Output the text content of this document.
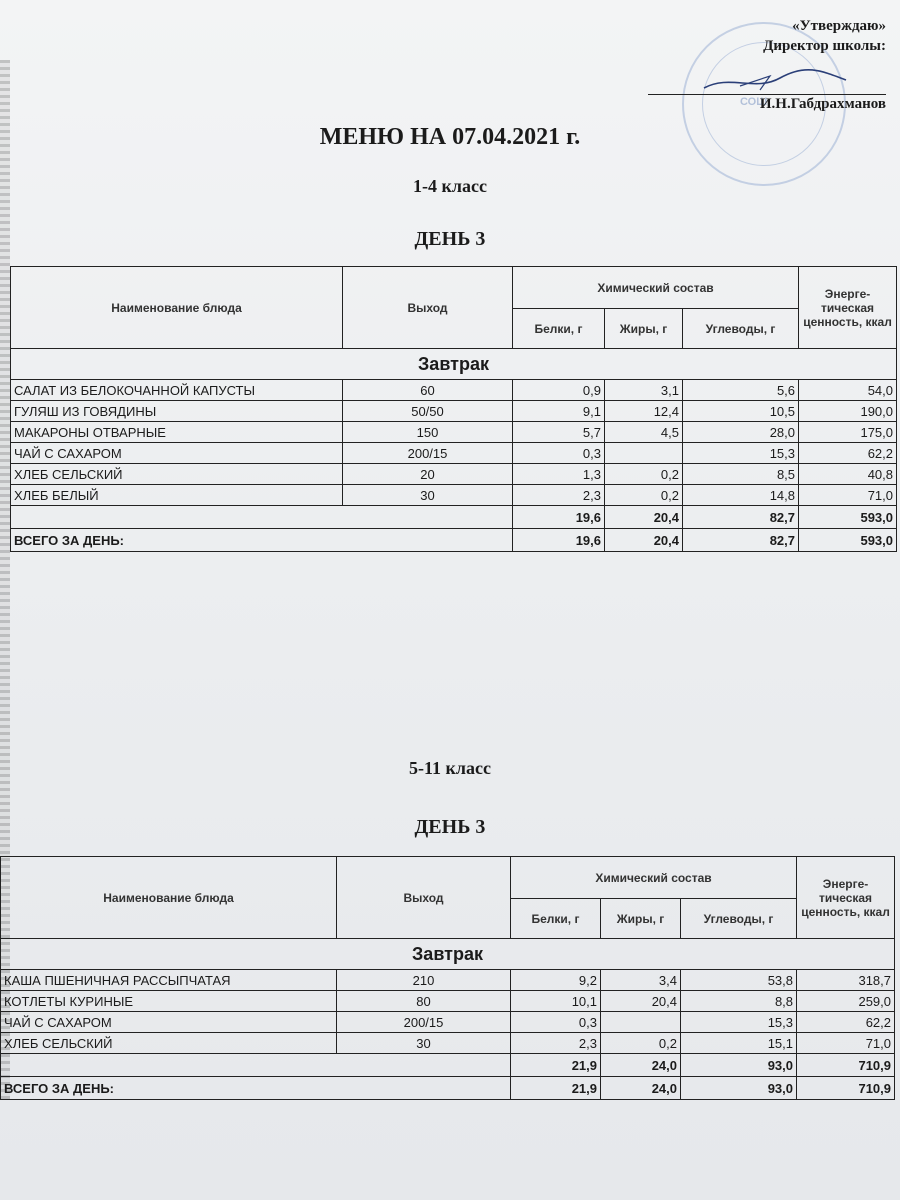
СОШ
«Утверждаю»
Директор школы:
И.Н.Габдрахманов
МЕНЮ НА 07.04.2021 г.
1-4 класс
ДЕНЬ 3
Наименование блюда	Выход	Химический состав			Энерге-тическая ценность, ккал
		Белки, г	Жиры, г	Углеводы, г	
Завтрак					
САЛАТ ИЗ БЕЛОКОЧАННОЙ КАПУСТЫ	60	0,9	3,1	5,6	54,0
ГУЛЯШ ИЗ ГОВЯДИНЫ	50/50	9,1	12,4	10,5	190,0
МАКАРОНЫ ОТВАРНЫЕ	150	5,7	4,5	28,0	175,0
ЧАЙ С САХАРОМ	200/15	0,3		15,3	62,2
ХЛЕБ СЕЛЬСКИЙ	20	1,3	0,2	8,5	40,8
ХЛЕБ БЕЛЫЙ	30	2,3	0,2	14,8	71,0
		19,6	20,4	82,7	593,0
ВСЕГО ЗА ДЕНЬ:		19,6	20,4	82,7	593,0
5-11 класс
ДЕНЬ 3
Наименование блюда	Выход	Химический состав			Энерге-тическая ценность, ккал
		Белки, г	Жиры, г	Углеводы, г	
Завтрак					
КАША ПШЕНИЧНАЯ РАССЫПЧАТАЯ	210	9,2	3,4	53,8	318,7
КОТЛЕТЫ КУРИНЫЕ	80	10,1	20,4	8,8	259,0
ЧАЙ С САХАРОМ	200/15	0,3		15,3	62,2
ХЛЕБ СЕЛЬСКИЙ	30	2,3	0,2	15,1	71,0
		21,9	24,0	93,0	710,9
ВСЕГО ЗА ДЕНЬ:		21,9	24,0	93,0	710,9
